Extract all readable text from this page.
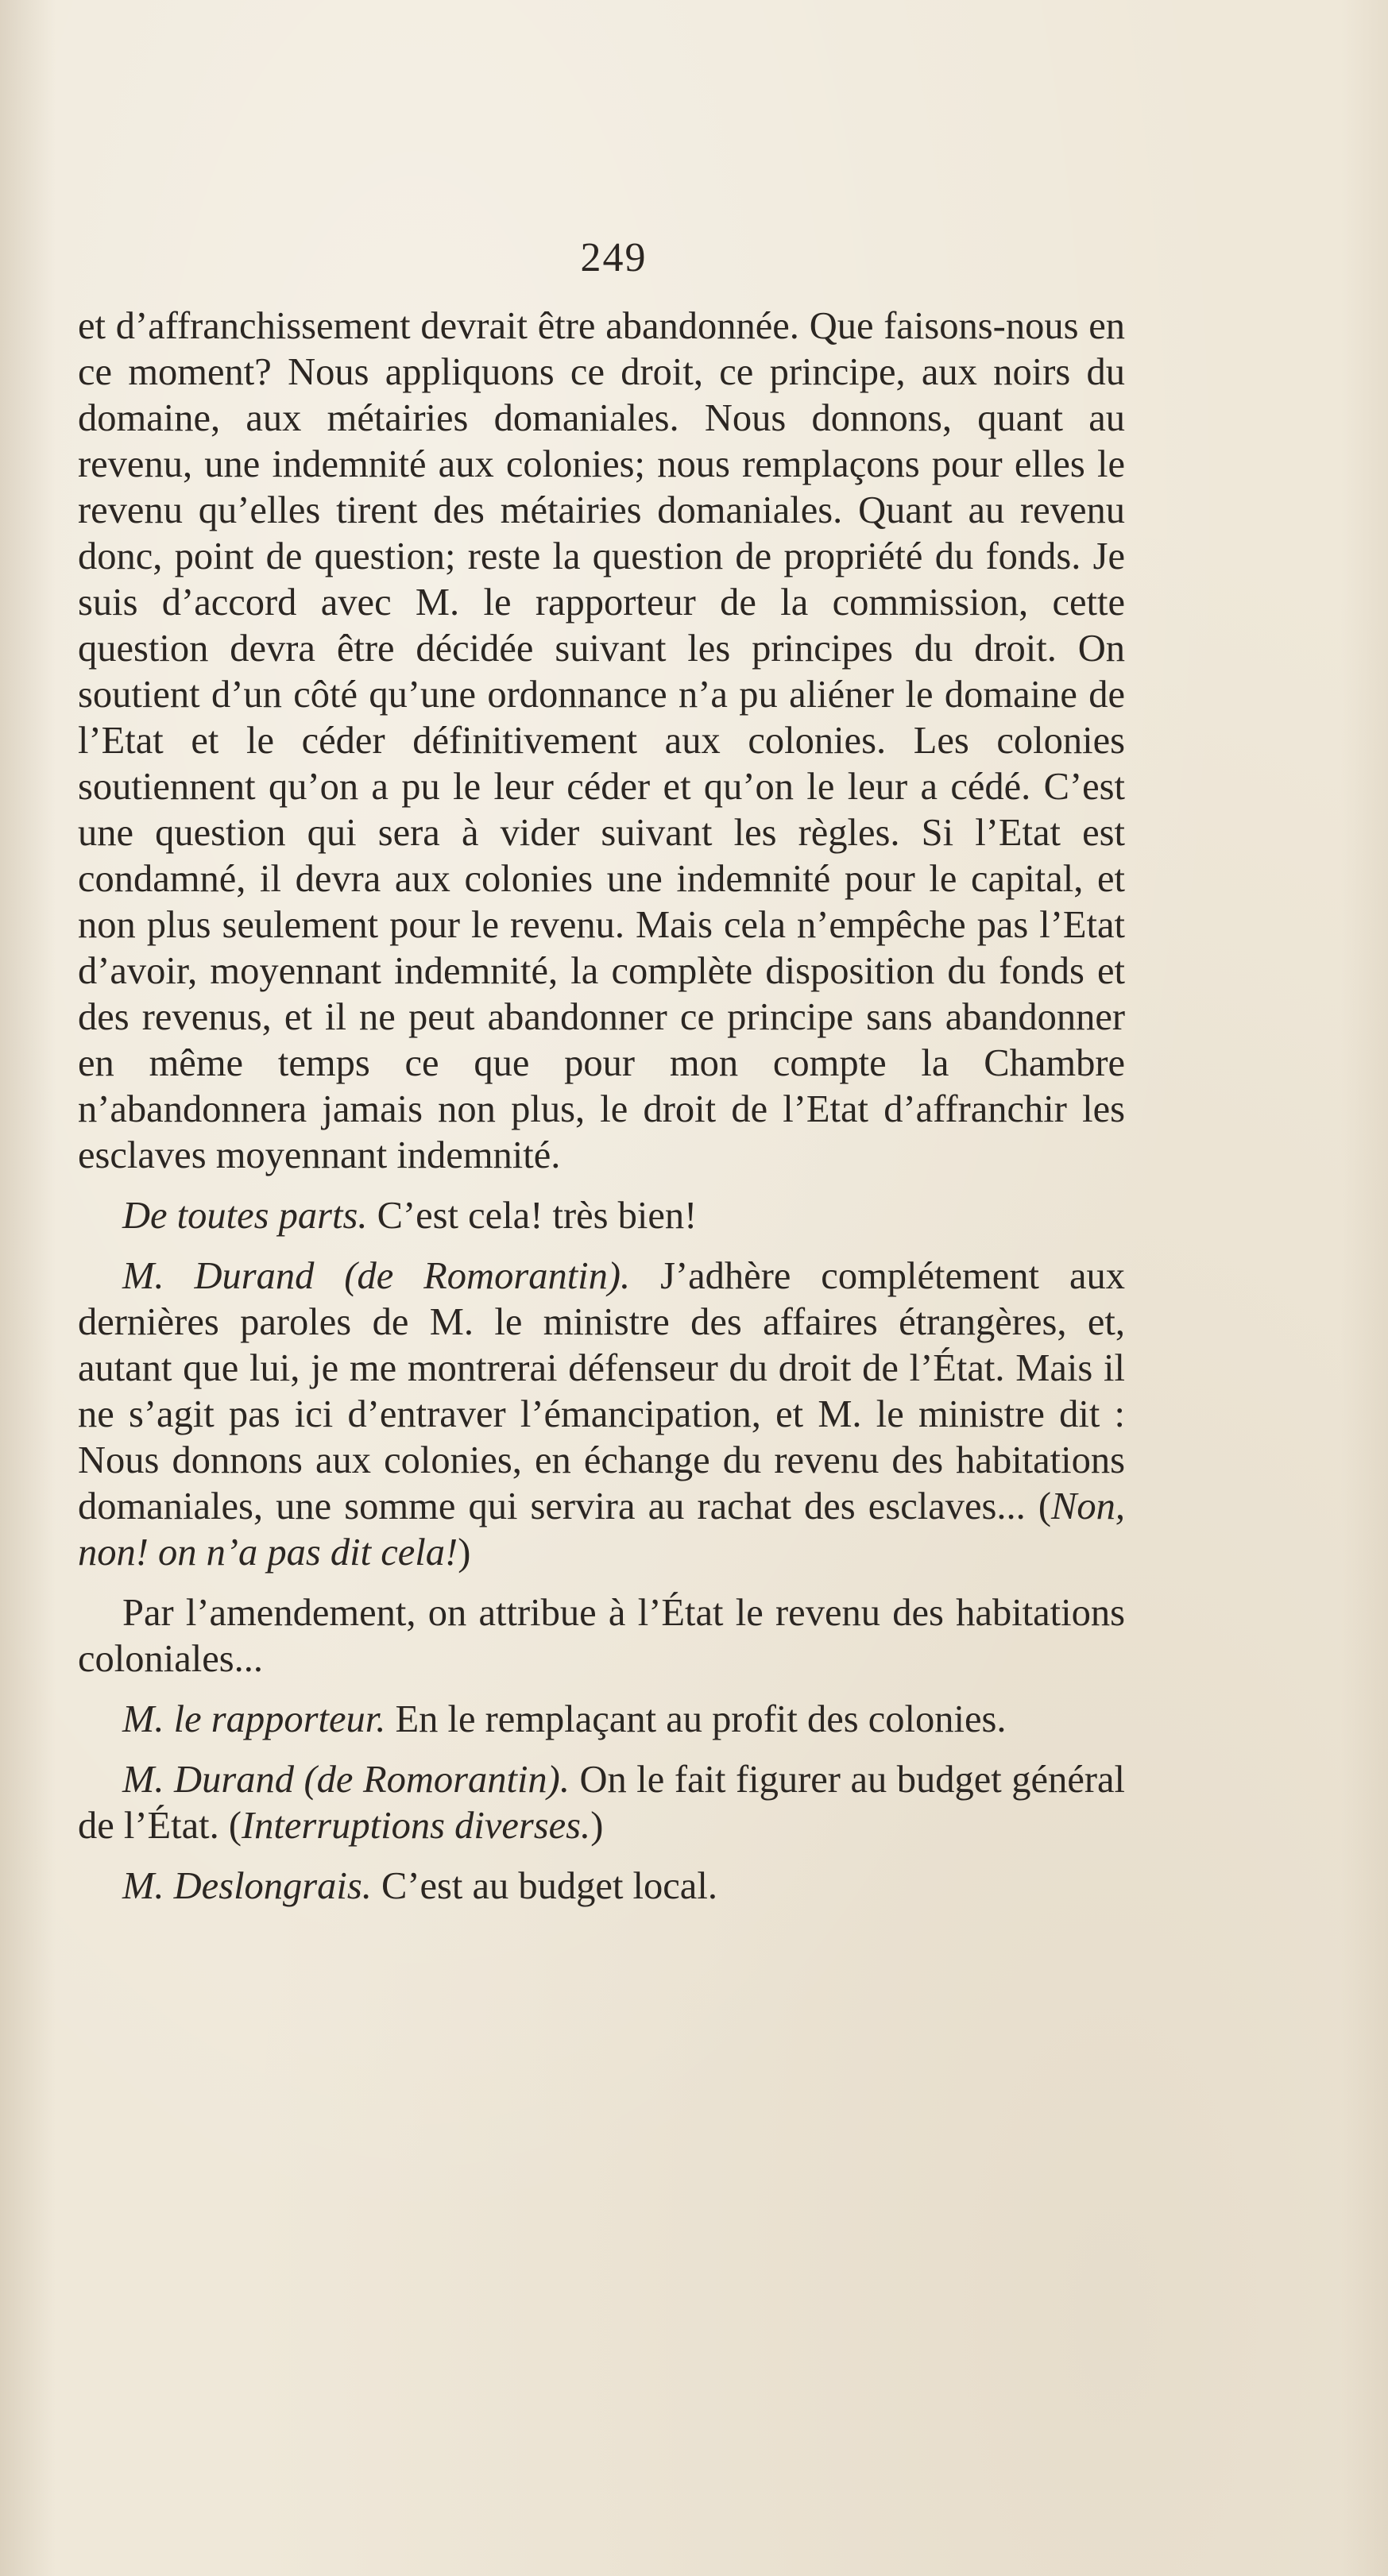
249

et d’affranchissement devrait être abandonnée. Que faisons-nous en ce moment? Nous appliquons ce droit, ce principe, aux noirs du domaine, aux métairies domaniales. Nous donnons, quant au revenu, une indemnité aux colonies; nous remplaçons pour elles le revenu qu’elles tirent des métairies domaniales. Quant au revenu donc, point de question; reste la question de propriété du fonds. Je suis d’accord avec M. le rapporteur de la commission, cette question devra être décidée suivant les principes du droit. On soutient d’un côté qu’une ordonnance n’a pu aliéner le domaine de l’Etat et le céder définitivement aux colonies. Les colonies soutiennent qu’on a pu le leur céder et qu’on le leur a cédé. C’est une question qui sera à vider suivant les règles. Si l’Etat est condamné, il devra aux colonies une indemnité pour le capital, et non plus seulement pour le revenu. Mais cela n’empêche pas l’Etat d’avoir, moyennant indemnité, la complète disposition du fonds et des revenus, et il ne peut abandonner ce principe sans abandonner en même temps ce que pour mon compte la Chambre n’abandonnera jamais non plus, le droit de l’Etat d’affranchir les esclaves moyennant indemnité.

De toutes parts. C’est cela! très bien!

M. Durand (de Romorantin). J’adhère complétement aux dernières paroles de M. le ministre des affaires étrangères, et, autant que lui, je me montrerai défenseur du droit de l’État. Mais il ne s’agit pas ici d’entraver l’émancipation, et M. le ministre dit : Nous donnons aux colonies, en échange du revenu des habitations domaniales, une somme qui servira au rachat des esclaves... (Non, non! on n’a pas dit cela!)

Par l’amendement, on attribue à l’État le revenu des habitations coloniales...

M. le rapporteur. En le remplaçant au profit des colonies.

M. Durand (de Romorantin). On le fait figurer au budget général de l’État. (Interruptions diverses.)

M. Deslongrais. C’est au budget local.
